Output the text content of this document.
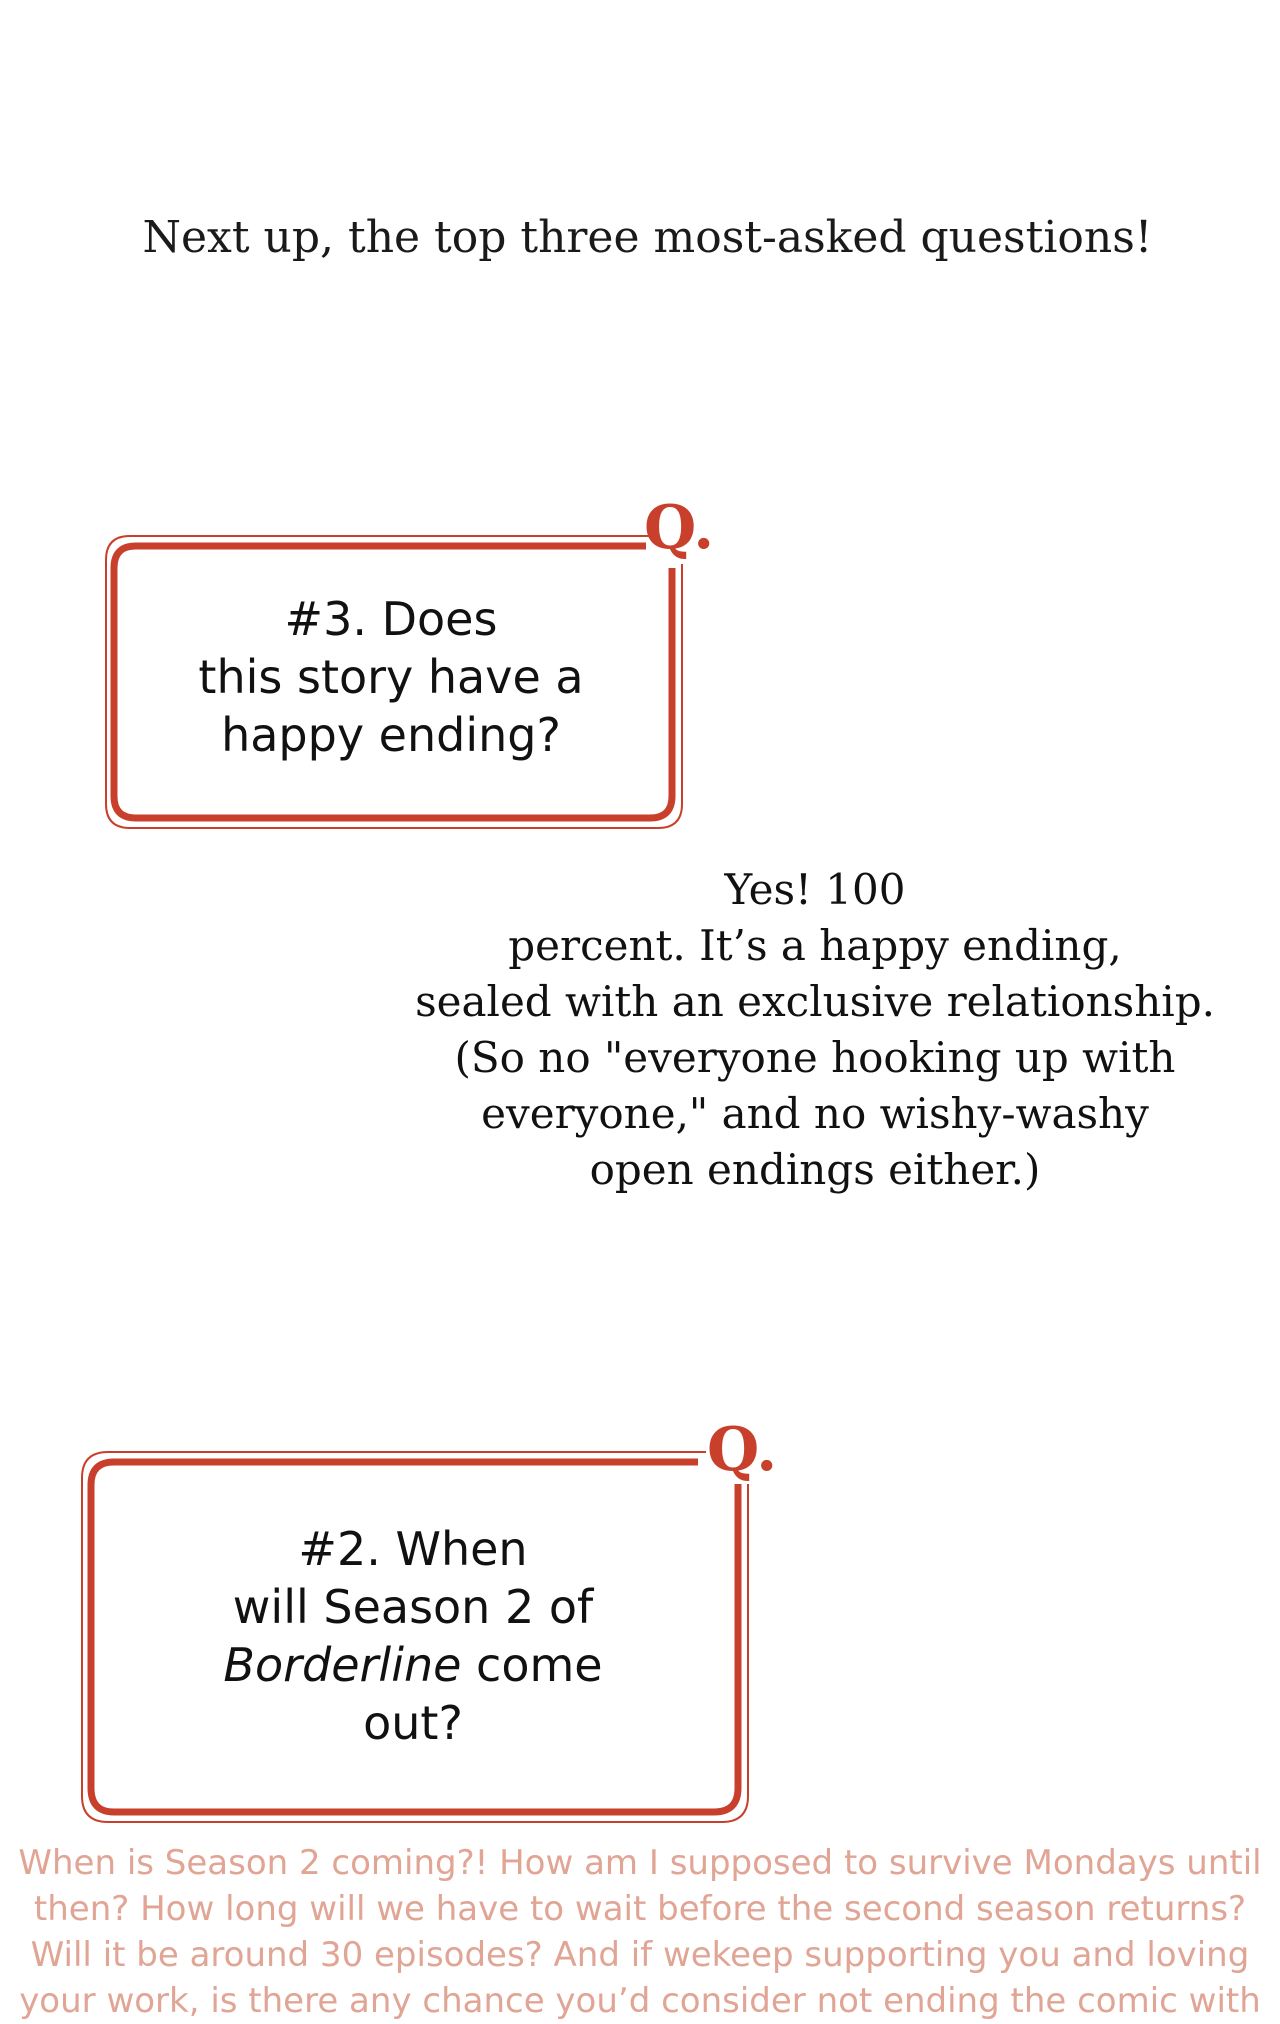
Next up, the top three most-asked questions!
Q.
#3. Does
this story have a
happy ending?
Yes! 100
percent. It’s a happy ending,
sealed with an exclusive relationship.
(So no "everyone hooking up with
everyone," and no wishy-washy
open endings either.)
Q.
#2. When
will Season 2 of
Borderline come
out?
When is Season 2 coming?! How am I supposed to survive Mondays until
then? How long will we have to wait before the second season returns?
Will it be around 30 episodes? And if wekeep supporting you and loving
your work, is there any chance you’d consider not ending the comic with
